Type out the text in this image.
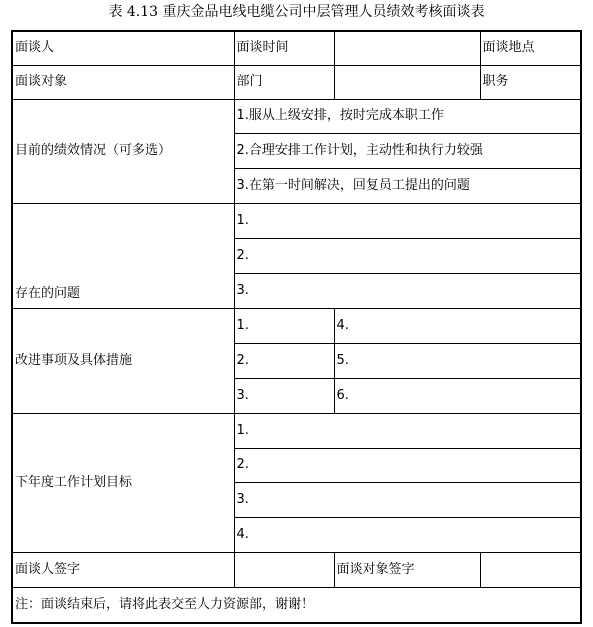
表 4.13 重庆金品电线电缆公司中层管理人员绩效考核面谈表
面谈人	面谈时间		面谈地点
面谈对象	部门		职务
目前的绩效情况（可多选）	1.服从上级安排，按时完成本职工作		
	2.合理安排工作计划，主动性和执行力较强		
	3.在第一时间解决，回复员工提出的问题		
存在的问题	1.		
	2.		
	3.		
改进事项及具体措施	1.	4.	
	2.	5.	
	3.	6.	
下年度工作计划目标	1.		
	2.		
	3.		
	4.		
面谈人签字		面谈对象签字	
注：面谈结束后，请将此表交至人力资源部，谢谢！			
